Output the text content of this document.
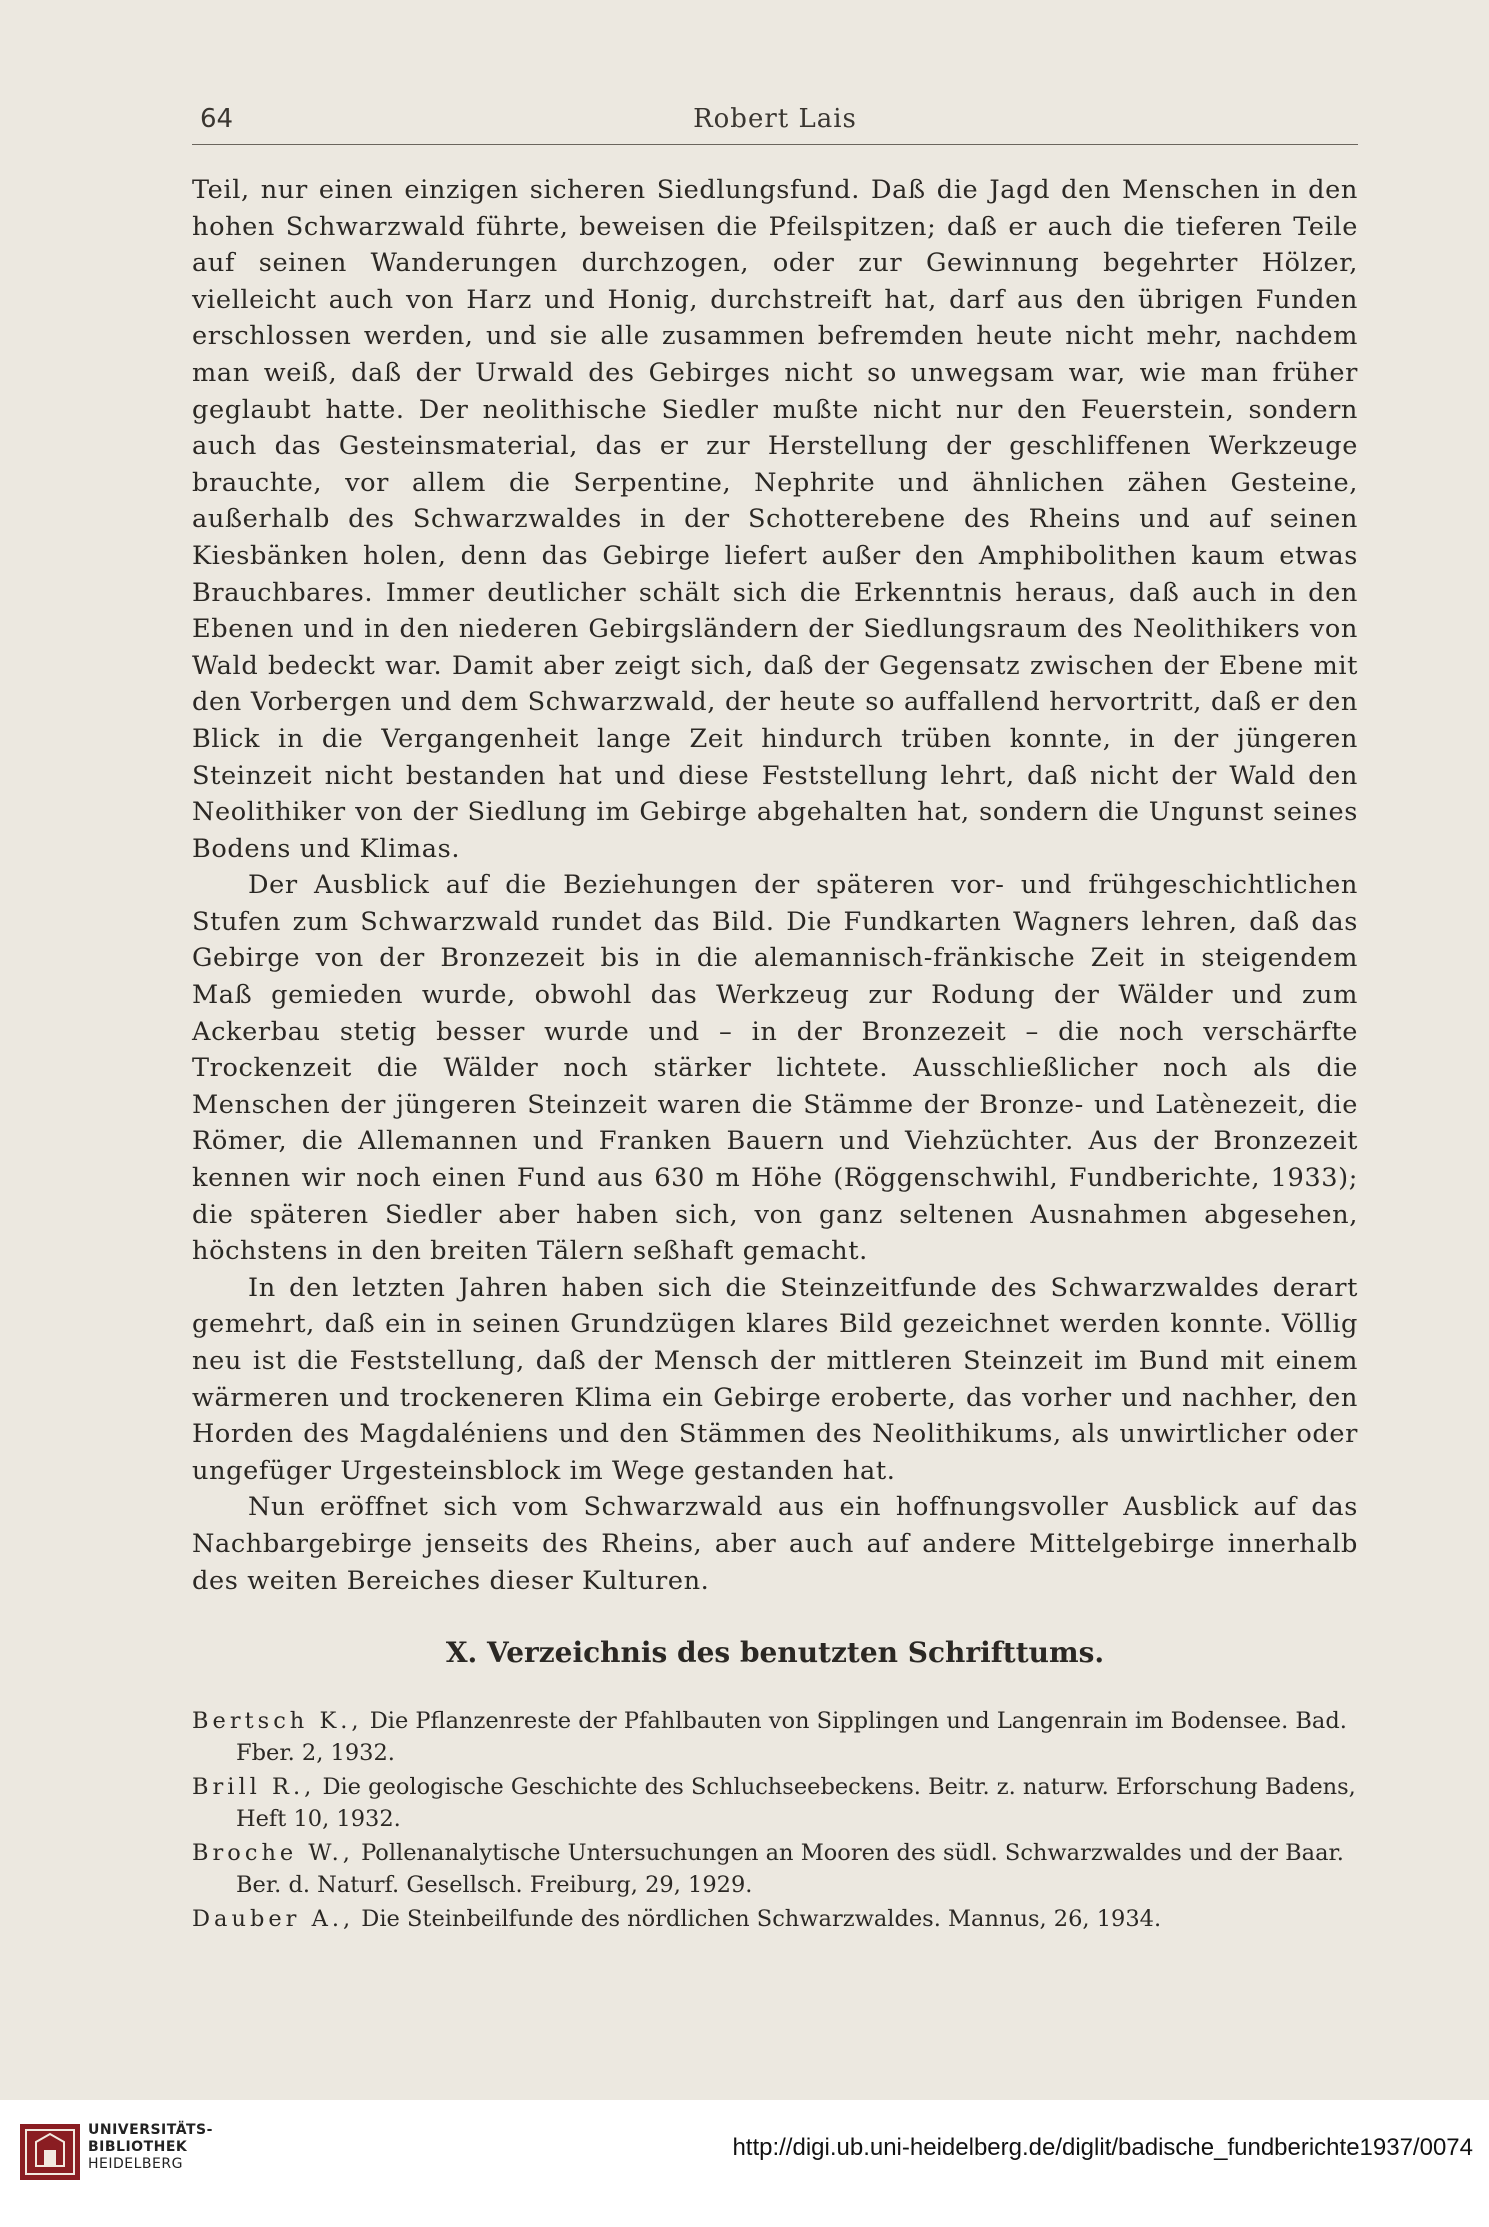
64	Robert Lais

Teil, nur einen einzigen sicheren Siedlungsfund. Daß die Jagd den Menschen in den hohen Schwarzwald führte, beweisen die Pfeilspitzen; daß er auch die tieferen Teile auf seinen Wanderungen durchzogen, oder zur Gewinnung begehrter Hölzer, vielleicht auch von Harz und Honig, durchstreift hat, darf aus den übrigen Funden erschlossen werden, und sie alle zusammen befremden heute nicht mehr, nachdem man weiß, daß der Urwald des Gebirges nicht so unwegsam war, wie man früher geglaubt hatte. Der neolithische Siedler mußte nicht nur den Feuerstein, sondern auch das Gesteinsmaterial, das er zur Herstellung der geschliffenen Werkzeuge brauchte, vor allem die Serpentine, Nephrite und ähnlichen zähen Gesteine, außerhalb des Schwarzwaldes in der Schotterebene des Rheins und auf seinen Kiesbänken holen, denn das Gebirge liefert außer den Amphibolithen kaum etwas Brauchbares. Immer deutlicher schält sich die Erkenntnis heraus, daß auch in den Ebenen und in den niederen Gebirgsländern der Siedlungsraum des Neolithikers von Wald bedeckt war. Damit aber zeigt sich, daß der Gegensatz zwischen der Ebene mit den Vorbergen und dem Schwarzwald, der heute so auffallend hervortritt, daß er den Blick in die Vergangenheit lange Zeit hindurch trüben konnte, in der jüngeren Steinzeit nicht bestanden hat und diese Feststellung lehrt, daß nicht der Wald den Neolithiker von der Siedlung im Gebirge abgehalten hat, sondern die Ungunst seines Bodens und Klimas.

Der Ausblick auf die Beziehungen der späteren vor- und frühgeschichtlichen Stufen zum Schwarzwald rundet das Bild. Die Fundkarten Wagners lehren, daß das Gebirge von der Bronzezeit bis in die alemannisch-fränkische Zeit in steigendem Maß gemieden wurde, obwohl das Werkzeug zur Rodung der Wälder und zum Ackerbau stetig besser wurde und – in der Bronzezeit – die noch verschärfte Trockenzeit die Wälder noch stärker lichtete. Ausschließlicher noch als die Menschen der jüngeren Steinzeit waren die Stämme der Bronze- und Latènezeit, die Römer, die Allemannen und Franken Bauern und Viehzüchter. Aus der Bronzezeit kennen wir noch einen Fund aus 630 m Höhe (Röggenschwihl, Fundberichte, 1933); die späteren Siedler aber haben sich, von ganz seltenen Ausnahmen abgesehen, höchstens in den breiten Tälern seßhaft gemacht.

In den letzten Jahren haben sich die Steinzeitfunde des Schwarzwaldes derart gemehrt, daß ein in seinen Grundzügen klares Bild gezeichnet werden konnte. Völlig neu ist die Feststellung, daß der Mensch der mittleren Steinzeit im Bund mit einem wärmeren und trockeneren Klima ein Gebirge eroberte, das vorher und nachher, den Horden des Magdaléniens und den Stämmen des Neolithikums, als unwirtlicher oder ungefüger Urgesteinsblock im Wege gestanden hat.

Nun eröffnet sich vom Schwarzwald aus ein hoffnungsvoller Ausblick auf das Nachbargebirge jenseits des Rheins, aber auch auf andere Mittelgebirge innerhalb des weiten Bereiches dieser Kulturen.

X. Verzeichnis des benutzten Schrifttums.
Bertsch K., Die Pflanzenreste der Pfahlbauten von Sipplingen und Langenrain im Bodensee. Bad. Fber. 2, 1932.
Brill R., Die geologische Geschichte des Schluchseebeckens. Beitr. z. naturw. Erforschung Badens, Heft 10, 1932.
Broche W., Pollenanalytische Untersuchungen an Mooren des südl. Schwarzwaldes und der Baar. Ber. d. Naturf. Gesellsch. Freiburg, 29, 1929.
Dauber A., Die Steinbeilfunde des nördlichen Schwarzwaldes. Mannus, 26, 1934.
UNIVERSITÄTS-
BIBLIOTHEK
HEIDELBERG
http://digi.ub.uni-heidelberg.de/diglit/badische_fundberichte1937/0074
